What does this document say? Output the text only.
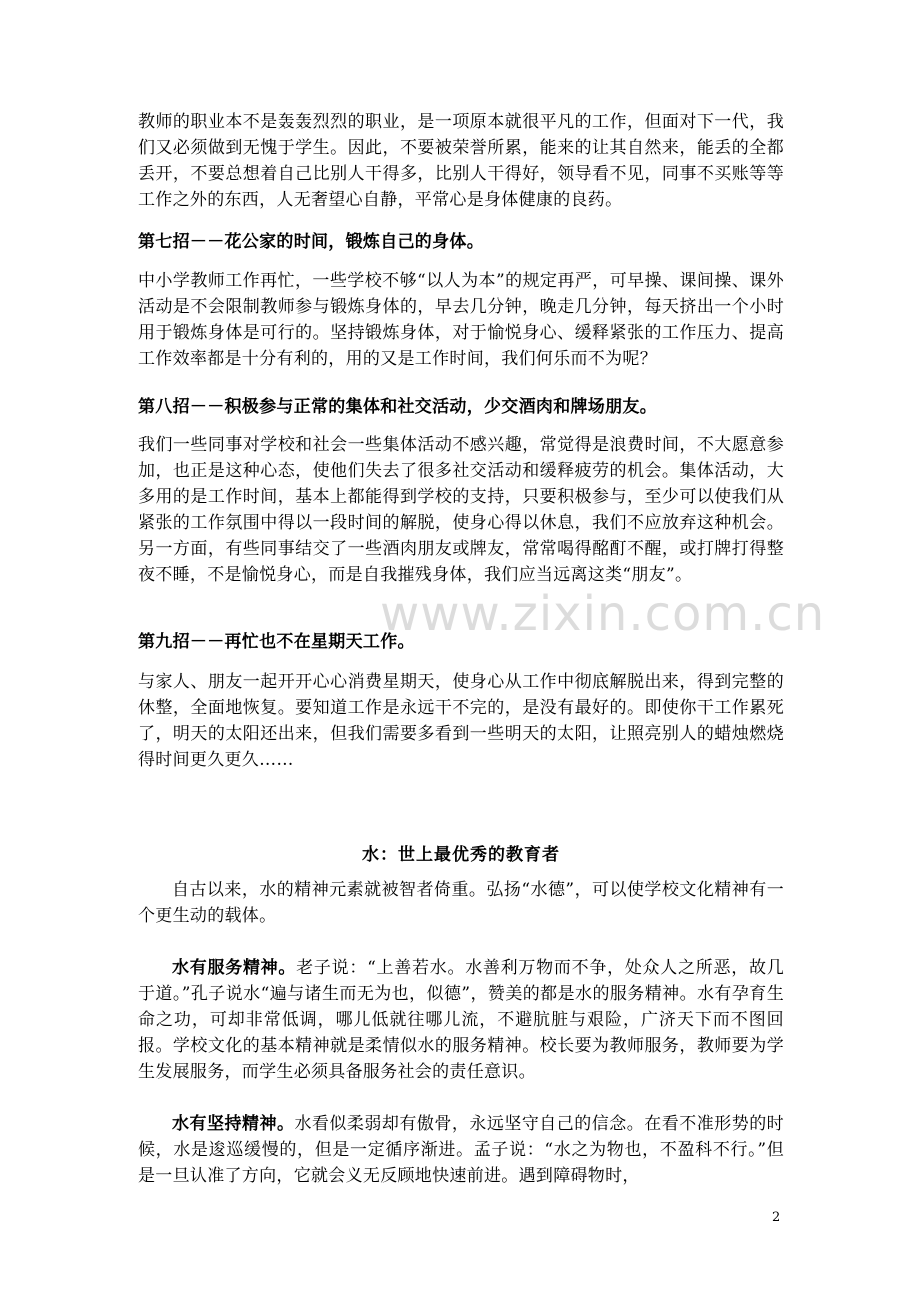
www.zixin.com.cn

教师的职业本不是轰轰烈烈的职业，是一项原本就很平凡的工作，但面对下一代，我们又必须做到无愧于学生。因此，不要被荣誉所累，能来的让其自然来，能丢的全都丢开，不要总想着自己比别人干得多，比别人干得好，领导看不见，同事不买账等等工作之外的东西，人无奢望心自静，平常心是身体健康的良药。

第七招－－花公家的时间，锻炼自己的身体。

中小学教师工作再忙，一些学校不够“以人为本”的规定再严，可早操、课间操、课外活动是不会限制教师参与锻炼身体的，早去几分钟，晚走几分钟，每天挤出一个小时用于锻炼身体是可行的。坚持锻炼身体，对于愉悦身心、缓释紧张的工作压力、提高工作效率都是十分有利的，用的又是工作时间，我们何乐而不为呢？

第八招－－积极参与正常的集体和社交活动，少交酒肉和牌场朋友。

我们一些同事对学校和社会一些集体活动不感兴趣，常觉得是浪费时间，不大愿意参加，也正是这种心态，使他们失去了很多社交活动和缓释疲劳的机会。集体活动，大多用的是工作时间，基本上都能得到学校的支持，只要积极参与，至少可以使我们从紧张的工作氛围中得以一段时间的解脱，使身心得以休息，我们不应放弃这种机会。另一方面，有些同事结交了一些酒肉朋友或牌友，常常喝得酩酊不醒，或打牌打得整夜不睡，不是愉悦身心，而是自我摧残身体，我们应当远离这类“朋友”。

第九招－－再忙也不在星期天工作。

与家人、朋友一起开开心心消费星期天，使身心从工作中彻底解脱出来，得到完整的休整，全面地恢复。要知道工作是永远干不完的，是没有最好的。即使你干工作累死了，明天的太阳还出来，但我们需要多看到一些明天的太阳，让照亮别人的蜡烛燃烧得时间更久更久……

水：世上最优秀的教育者

自古以来，水的精神元素就被智者倚重。弘扬“水德”，可以使学校文化精神有一个更生动的载体。

水有服务精神。老子说：“上善若水。水善利万物而不争，处众人之所恶，故几于道。”孔子说水“遍与诸生而无为也，似德”，赞美的都是水的服务精神。水有孕育生命之功，可却非常低调，哪儿低就往哪儿流，不避肮脏与艰险，广济天下而不图回报。学校文化的基本精神就是柔情似水的服务精神。校长要为教师服务，教师要为学生发展服务，而学生必须具备服务社会的责任意识。

水有坚持精神。水看似柔弱却有傲骨，永远坚守自己的信念。在看不准形势的时候，水是逡巡缓慢的，但是一定循序渐进。孟子说：“水之为物也，不盈科不行。”但是一旦认准了方向，它就会义无反顾地快速前进。遇到障碍物时，

2
